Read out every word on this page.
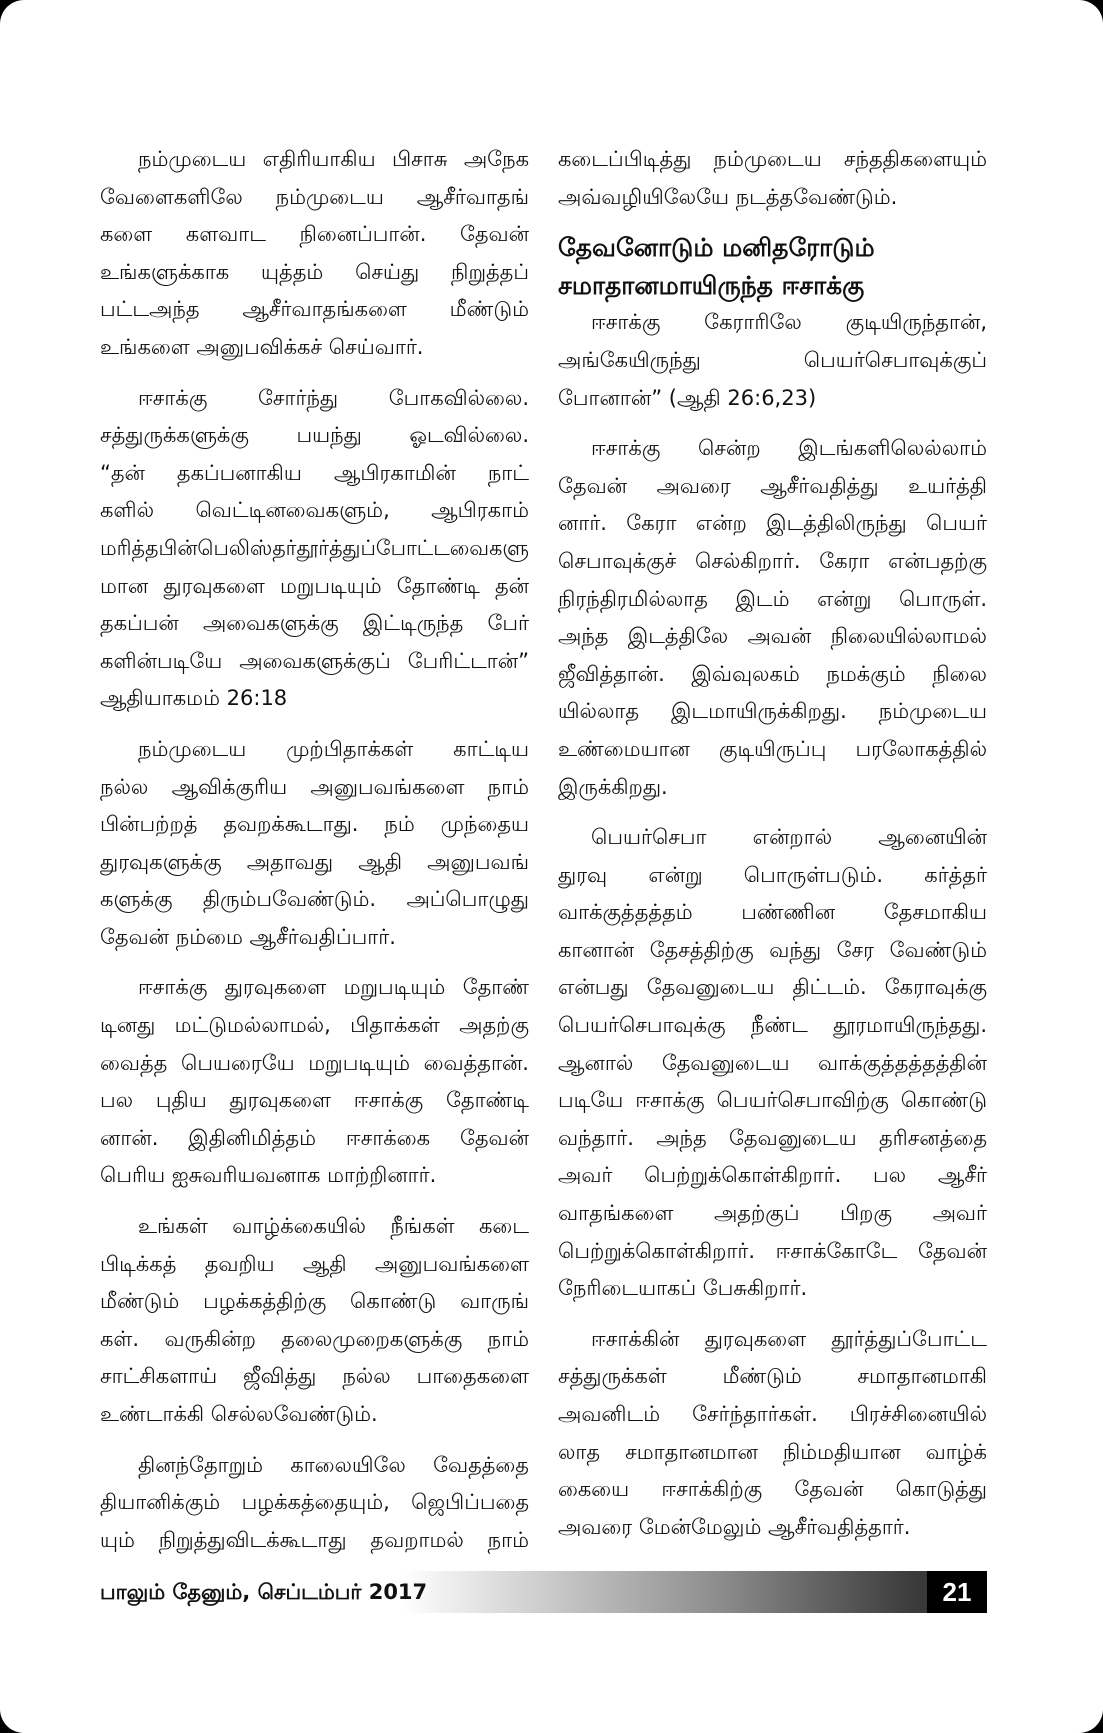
நம்முடைய எதிரியாகிய பிசாசு அநேக
வேளைகளிலே நம்முடைய ஆசீர்வாதங்
களை களவாட நினைப்பான். தேவன்
உங்களுக்காக யுத்தம் செய்து நிறுத்தப்
பட்டஅந்த ஆசீர்வாதங்களை மீண்டும்
உங்களை அனுபவிக்கச் செய்வார்.
ஈசாக்கு சோர்ந்து போகவில்லை.
சத்துருக்களுக்கு பயந்து ஓடவில்லை.
“தன் தகப்பனாகிய ஆபிரகாமின் நாட்
களில் வெட்டினவைகளும், ஆபிரகாம்
மரித்தபின்பெலிஸ்தர்தூர்த்துப்போட்டவைகளு
மான துரவுகளை மறுபடியும் தோண்டி தன்
தகப்பன் அவைகளுக்கு இட்டிருந்த பேர்
களின்படியே அவைகளுக்குப் பேரிட்டான்”
ஆதியாகமம் 26:18
நம்முடைய முற்பிதாக்கள் காட்டிய
நல்ல ஆவிக்குரிய அனுபவங்களை நாம்
பின்பற்றத் தவறக்கூடாது. நம் முந்தைய
துரவுகளுக்கு அதாவது ஆதி அனுபவங்
களுக்கு திரும்பவேண்டும். அப்பொழுது
தேவன் நம்மை ஆசீர்வதிப்பார்.
ஈசாக்கு துரவுகளை மறுபடியும் தோண்
டினது மட்டுமல்லாமல், பிதாக்கள் அதற்கு
வைத்த பெயரையே மறுபடியும் வைத்தான்.
பல புதிய துரவுகளை ஈசாக்கு தோண்டி
னான். இதினிமித்தம் ஈசாக்கை தேவன்
பெரிய ஐசுவரியவனாக மாற்றினார்.
உங்கள் வாழ்க்கையில் நீங்கள் கடை
பிடிக்கத் தவறிய ஆதி அனுபவங்களை
மீண்டும் பழக்கத்திற்கு கொண்டு வாருங்
கள். வருகின்ற தலைமுறைகளுக்கு நாம்
சாட்சிகளாய் ஜீவித்து நல்ல பாதைகளை
உண்டாக்கி செல்லவேண்டும்.
தினந்தோறும் காலையிலே வேதத்தை
தியானிக்கும் பழக்கத்தையும், ஜெபிப்பதை
யும் நிறுத்துவிடக்கூடாது தவறாமல் நாம்
கடைப்பிடித்து நம்முடைய சந்ததிகளையும்
அவ்வழியிலேயே நடத்தவேண்டும்.
தேவனோடும் மனிதரோடும்
சமாதானமாயிருந்த ஈசாக்கு
ஈசாக்கு கேராரிலே குடியிருந்தான்,
அங்கேயிருந்து பெயர்செபாவுக்குப்
போனான்” (ஆதி 26:6,23)
ஈசாக்கு சென்ற இடங்களிலெல்லாம்
தேவன் அவரை ஆசீர்வதித்து உயர்த்தி
னார். கேரா என்ற இடத்திலிருந்து பெயர்
செபாவுக்குச் செல்கிறார். கேரா என்பதற்கு
நிரந்திரமில்லாத இடம் என்று பொருள்.
அந்த இடத்திலே அவன் நிலையில்லாமல்
ஜீவித்தான். இவ்வுலகம் நமக்கும் நிலை
யில்லாத இடமாயிருக்கிறது. நம்முடைய
உண்மையான குடியிருப்பு பரலோகத்தில்
இருக்கிறது.
பெயர்செபா என்றால் ஆனையின்
துரவு என்று பொருள்படும். கர்த்தர்
வாக்குத்தத்தம் பண்ணின தேசமாகிய
கானான் தேசத்திற்கு வந்து சேர வேண்டும்
என்பது தேவனுடைய திட்டம். கேராவுக்கு
பெயர்செபாவுக்கு நீண்ட தூரமாயிருந்தது.
ஆனால் தேவனுடைய வாக்குத்தத்தத்தின்
படியே ஈசாக்கு பெயர்செபாவிற்கு கொண்டு
வந்தார். அந்த தேவனுடைய தரிசனத்தை
அவர் பெற்றுக்கொள்கிறார். பல ஆசீர்
வாதங்களை அதற்குப் பிறகு அவர்
பெற்றுக்கொள்கிறார். ஈசாக்கோடே தேவன்
நேரிடையாகப் பேசுகிறார்.
ஈசாக்கின் துரவுகளை தூர்த்துப்போட்ட
சத்துருக்கள் மீண்டும் சமாதானமாகி
அவனிடம் சேர்ந்தார்கள். பிரச்சினையில்
லாத சமாதானமான நிம்மதியான வாழ்க்
கையை ஈசாக்கிற்கு தேவன் கொடுத்து
அவரை மேன்மேலும் ஆசீர்வதித்தார்.
பாலும் தேனும், செப்டம்பர் 2017	21
